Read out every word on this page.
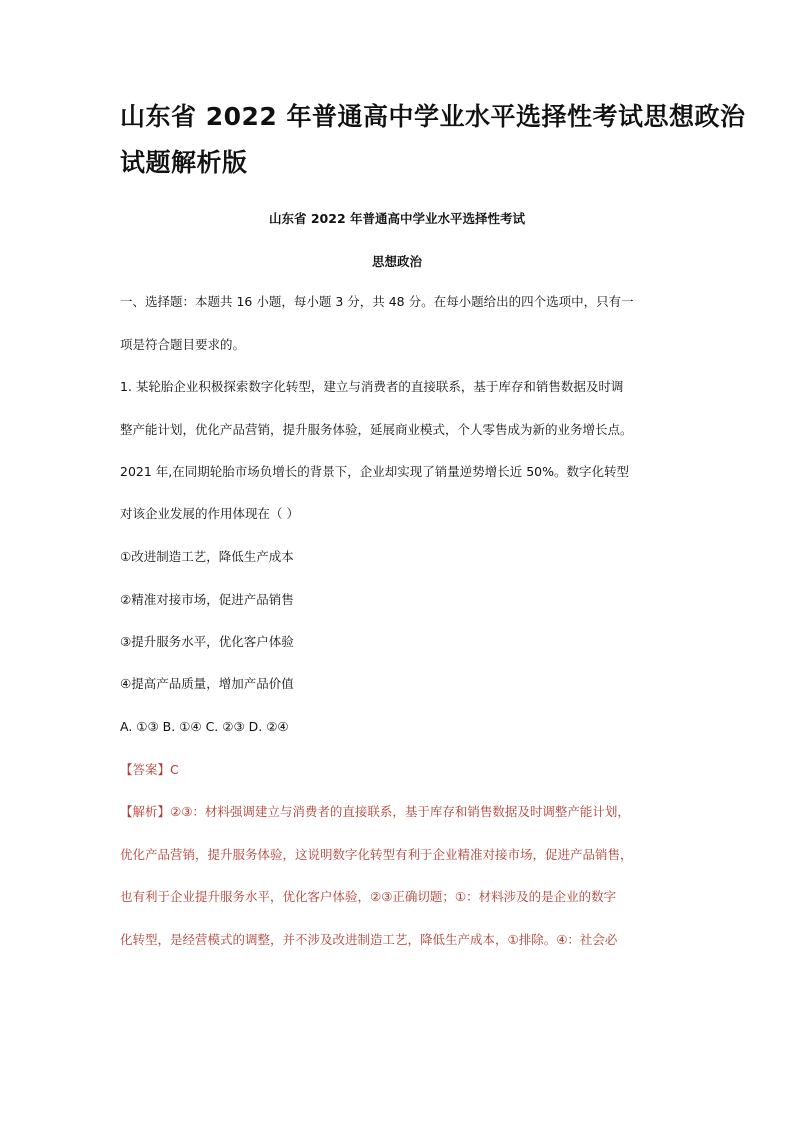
山东省 2022 年普通高中学业水平选择性考试思想政治
试题解析版
山东省 2022 年普通高中学业水平选择性考试
思想政治
一、选择题：本题共 16 小题，每小题 3 分，共 48 分。在每小题给出的四个选项中，只有一
项是符合题目要求的。
1. 某轮胎企业积极探索数字化转型，建立与消费者的直接联系，基于库存和销售数据及时调
整产能计划，优化产品营销，提升服务体验，延展商业模式，个人零售成为新的业务增长点。
2021 年,在同期轮胎市场负增长的背景下，企业却实现了销量逆势增长近 50%。数字化转型
对该企业发展的作用体现在（ ）
①改进制造工艺，降低生产成本
②精准对接市场，促进产品销售
③提升服务水平，优化客户体验
④提高产品质量，增加产品价值
A. ①③ B. ①④ C. ②③ D. ②④
【答案】C
【解析】②③：材料强调建立与消费者的直接联系，基于库存和销售数据及时调整产能计划，
优化产品营销，提升服务体验，这说明数字化转型有利于企业精准对接市场，促进产品销售，
也有利于企业提升服务水平，优化客户体验，②③正确切题；①：材料涉及的是企业的数字
化转型，是经营模式的调整，并不涉及改进制造工艺，降低生产成本，①排除。④：社会必
